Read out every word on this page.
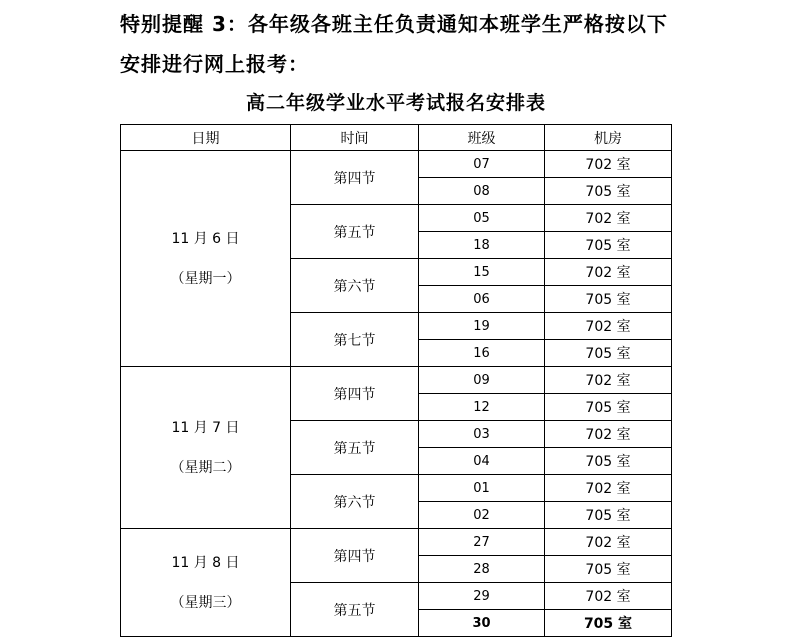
特别提醒 3：各年级各班主任负责通知本班学生严格按以下
安排进行网上报考：
高二年级学业水平考试报名安排表
日期	时间	班级	机房

11 月 6 日
（星期一）	第四节	07	702 室
		08	705 室
	第五节	05	702 室
		18	705 室
	第六节	15	702 室
		06	705 室
	第七节	19	702 室
		16	705 室

11 月 7 日
（星期二）	第四节	09	702 室
		12	705 室
	第五节	03	702 室
		04	705 室
	第六节	01	702 室
		02	705 室

11 月 8 日
（星期三）	第四节	27	702 室
		28	705 室
	第五节	29	702 室
		30	705 室
